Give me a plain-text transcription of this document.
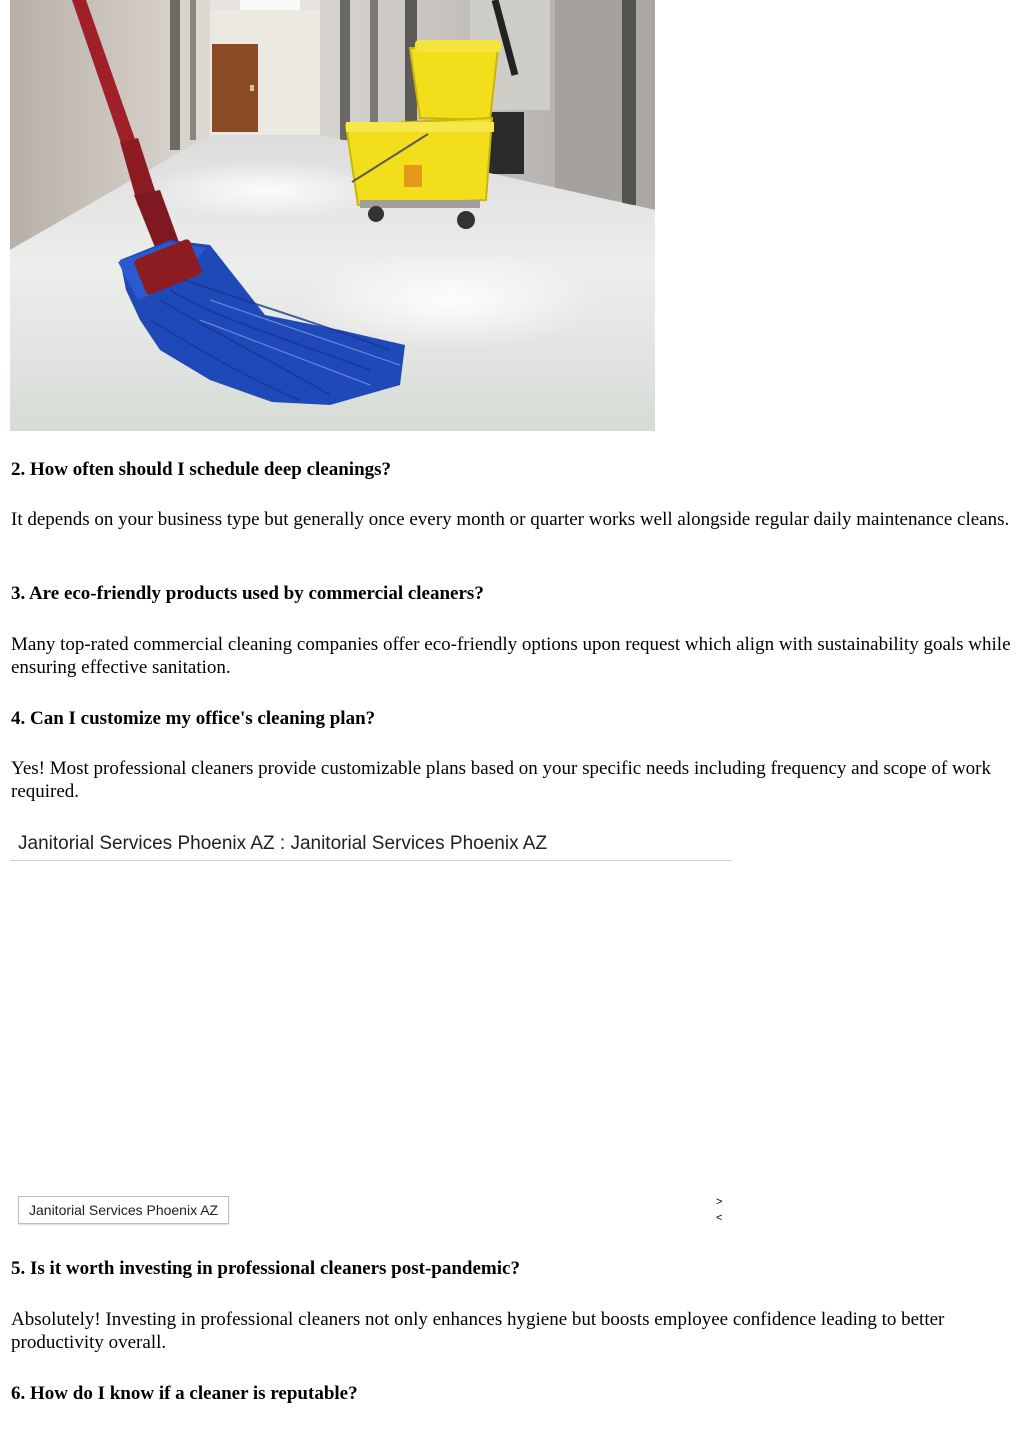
2. How often should I schedule deep cleanings?

It depends on your business type but generally once every month or quarter works well alongside regular daily maintenance cleans.

3. Are eco-friendly products used by commercial cleaners?

Many top-rated commercial cleaning companies offer eco-friendly options upon request which align with sustainability goals while ensuring effective sanitation.

4. Can I customize my office's cleaning plan?

Yes! Most professional cleaners provide customizable plans based on your specific needs including frequency and scope of work required.

Janitorial Services Phoenix AZ : Janitorial Services Phoenix AZ
Janitorial Services Phoenix AZ	>
<
5. Is it worth investing in professional cleaners post-pandemic?

Absolutely! Investing in professional cleaners not only enhances hygiene but boosts employee confidence leading to better productivity overall.

6. How do I know if a cleaner is reputable?
